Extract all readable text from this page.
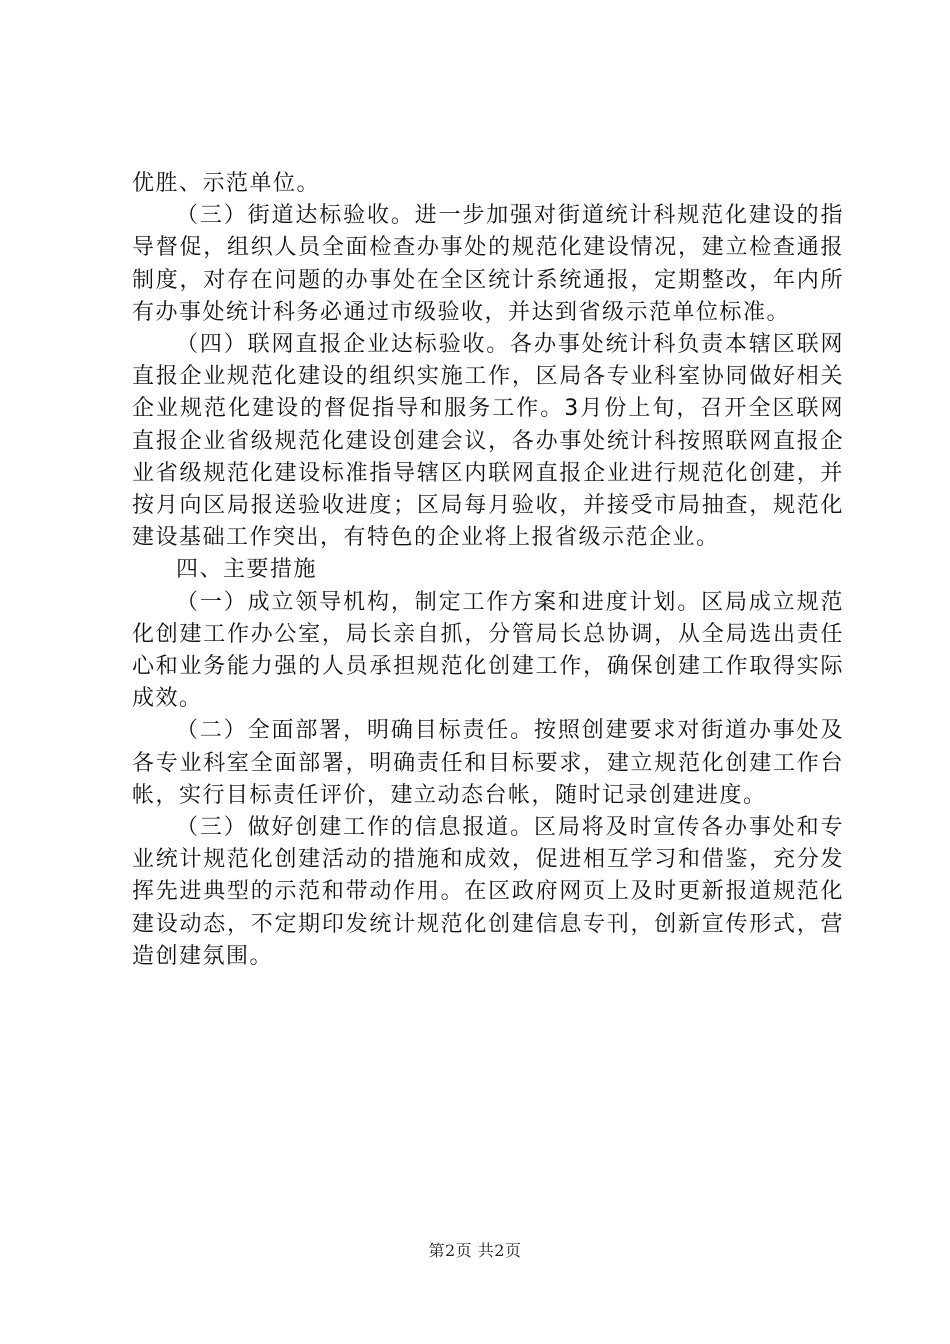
优胜、示范单位。

（三）街道达标验收。进一步加强对街道统计科规范化建设的指导督促，组织人员全面检查办事处的规范化建设情况，建立检查通报制度，对存在问题的办事处在全区统计系统通报，定期整改，年内所有办事处统计科务必通过市级验收，并达到省级示范单位标准。

（四）联网直报企业达标验收。各办事处统计科负责本辖区联网直报企业规范化建设的组织实施工作，区局各专业科室协同做好相关企业规范化建设的督促指导和服务工作。3月份上旬，召开全区联网直报企业省级规范化建设创建会议，各办事处统计科按照联网直报企业省级规范化建设标准指导辖区内联网直报企业进行规范化创建，并按月向区局报送验收进度；区局每月验收，并接受市局抽查，规范化建设基础工作突出，有特色的企业将上报省级示范企业。

四、主要措施

（一）成立领导机构，制定工作方案和进度计划。区局成立规范化创建工作办公室，局长亲自抓，分管局长总协调，从全局选出责任心和业务能力强的人员承担规范化创建工作，确保创建工作取得实际成效。

（二）全面部署，明确目标责任。按照创建要求对街道办事处及各专业科室全面部署，明确责任和目标要求，建立规范化创建工作台帐，实行目标责任评价，建立动态台帐，随时记录创建进度。

（三）做好创建工作的信息报道。区局将及时宣传各办事处和专业统计规范化创建活动的措施和成效，促进相互学习和借鉴，充分发挥先进典型的示范和带动作用。在区政府网页上及时更新报道规范化建设动态，不定期印发统计规范化创建信息专刊，创新宣传形式，营造创建氛围。

第2页 共2页
